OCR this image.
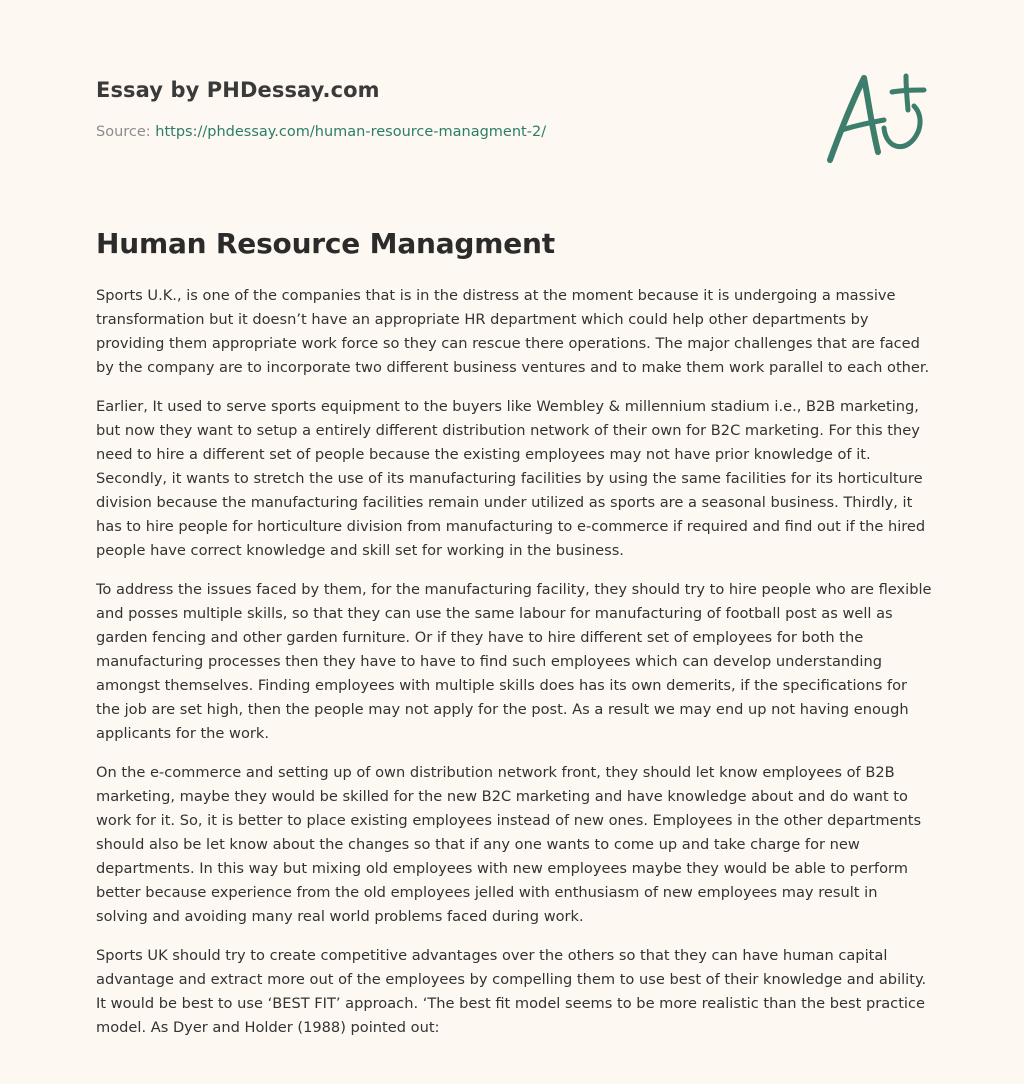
Essay by PHDessay.com
Source: https://phdessay.com/human-resource-managment-2/
Human Resource Managment

Sports U.K., is one of the companies that is in the distress at the moment because it is undergoing a massive transformation but it doesn’t have an appropriate HR department which could help other departments by providing them appropriate work force so they can rescue there operations. The major challenges that are faced by the company are to incorporate two different business ventures and to make them work parallel to each other.

Earlier, It used to serve sports equipment to the buyers like Wembley & millennium stadium i.e., B2B marketing, but now they want to setup a entirely different distribution network of their own for B2C marketing. For this they need to hire a different set of people because the existing employees may not have prior knowledge of it. Secondly, it wants to stretch the use of its manufacturing facilities by using the same facilities for its horticulture division because the manufacturing facilities remain under utilized as sports are a seasonal business. Thirdly, it has to hire people for horticulture division from manufacturing to e-commerce if required and find out if the hired people have correct knowledge and skill set for working in the business.

To address the issues faced by them, for the manufacturing facility, they should try to hire people who are flexible and posses multiple skills, so that they can use the same labour for manufacturing of football post as well as garden fencing and other garden furniture. Or if they have to hire different set of employees for both the manufacturing processes then they have to have to find such employees which can develop understanding amongst themselves. Finding employees with multiple skills does has its own demerits, if the specifications for the job are set high, then the people may not apply for the post. As a result we may end up not having enough applicants for the work.

On the e-commerce and setting up of own distribution network front, they should let know employees of B2B marketing, maybe they would be skilled for the new B2C marketing and have knowledge about and do want to work for it. So, it is better to place existing employees instead of new ones. Employees in the other departments should also be let know about the changes so that if any one wants to come up and take charge for new departments. In this way but mixing old employees with new employees maybe they would be able to perform better because experience from the old employees jelled with enthusiasm of new employees may result in solving and avoiding many real world problems faced during work.

Sports UK should try to create competitive advantages over the others so that they can have human capital advantage and extract more out of the employees by compelling them to use best of their knowledge and ability. It would be best to use ‘BEST FIT’ approach. ‘The best fit model seems to be more realistic than the best practice model. As Dyer and Holder (1988) pointed out:
